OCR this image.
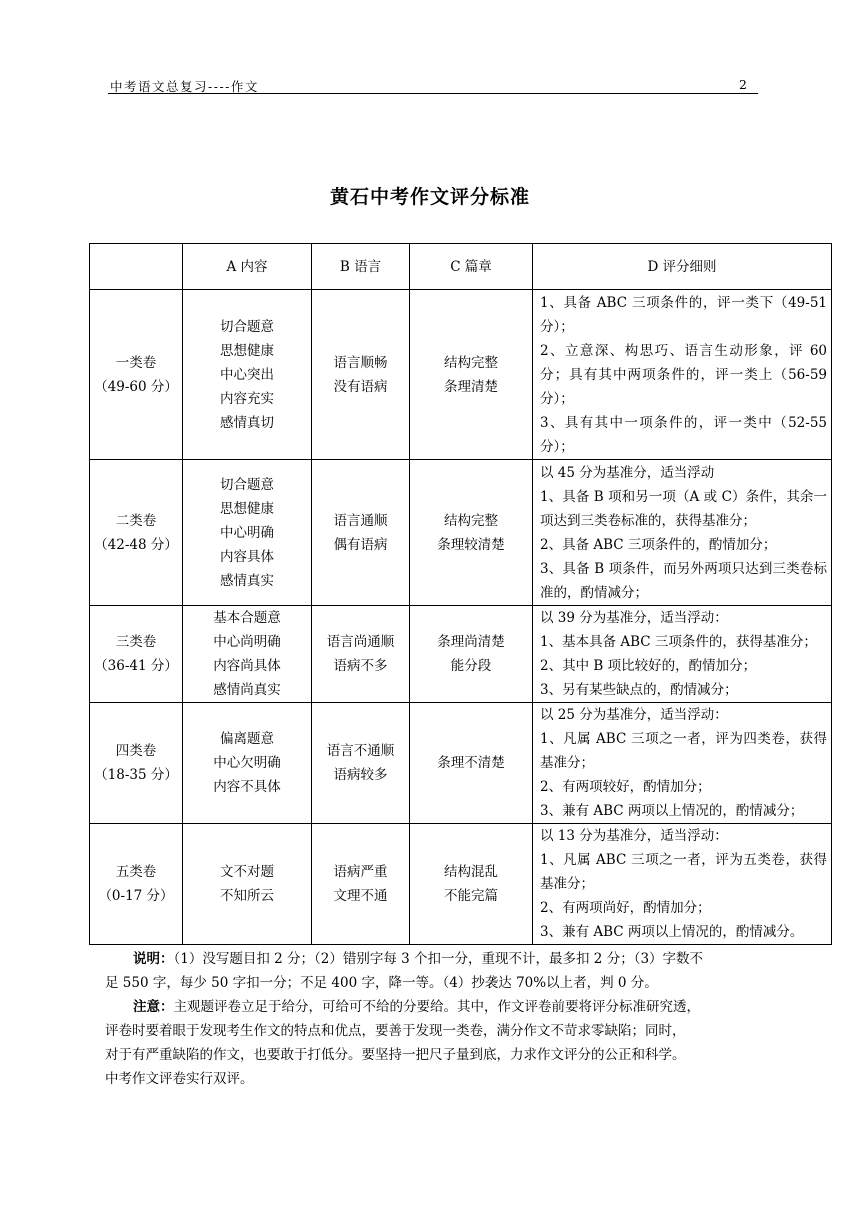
中考语文总复习----作文	2
黄石中考作文评分标准
	A 内容	B 语言	C 篇章	D 评分细则

一类卷
（49-60 分）	切合题意
思想健康
中心突出
内容充实
感情真切	语言顺畅
没有语病	结构完整
条理清楚	1、具备 ABC 三项条件的，评一类下（49-51 分）；
2、立意深、构思巧、语言生动形象，评 60 分；具有其中两项条件的，评一类上（56-59 分）；
3、具有其中一项条件的，评一类中（52-55 分）；

二类卷
（42-48 分）	切合题意
思想健康
中心明确
内容具体
感情真实	语言通顺
偶有语病	结构完整
条理较清楚	以 45 分为基准分，适当浮动
1、具备 B 项和另一项（A 或 C）条件，其余一项达到三类卷标准的，获得基准分；
2、具备 ABC 三项条件的，酌情加分；
3、具备 B 项条件，而另外两项只达到三类卷标准的，酌情减分；

三类卷
（36-41 分）	基本合题意
中心尚明确
内容尚具体
感情尚真实	语言尚通顺
语病不多	条理尚清楚
能分段	以 39 分为基准分，适当浮动：
1、基本具备 ABC 三项条件的，获得基准分；
2、其中 B 项比较好的，酌情加分；
3、另有某些缺点的，酌情减分；

四类卷
（18-35 分）	偏离题意
中心欠明确
内容不具体	语言不通顺
语病较多	条理不清楚	以 25 分为基准分，适当浮动：
1、凡属 ABC 三项之一者，评为四类卷，获得基准分；
2、有两项较好，酌情加分；
3、兼有 ABC 两项以上情况的，酌情减分；

五类卷
（0-17 分）	文不对题
不知所云	语病严重
文理不通	结构混乱
不能完篇	以 13 分为基准分，适当浮动：
1、凡属 ABC 三项之一者，评为五类卷，获得基准分；
2、有两项尚好，酌情加分；
3、兼有 ABC 两项以上情况的，酌情减分。

说明：（1）没写题目扣 2 分；（2）错别字每 3 个扣一分，重现不计，最多扣 2 分；（3）字数不

足 550 字，每少 50 字扣一分；不足 400 字，降一等。（4）抄袭达 70%以上者，判 0 分。

注意：主观题评卷立足于给分，可给可不给的分要给。其中，作文评卷前要将评分标准研究透，

评卷时要着眼于发现考生作文的特点和优点，要善于发现一类卷，满分作文不苛求零缺陷；同时，

对于有严重缺陷的作文，也要敢于打低分。要坚持一把尺子量到底，力求作文评分的公正和科学。

中考作文评卷实行双评。
